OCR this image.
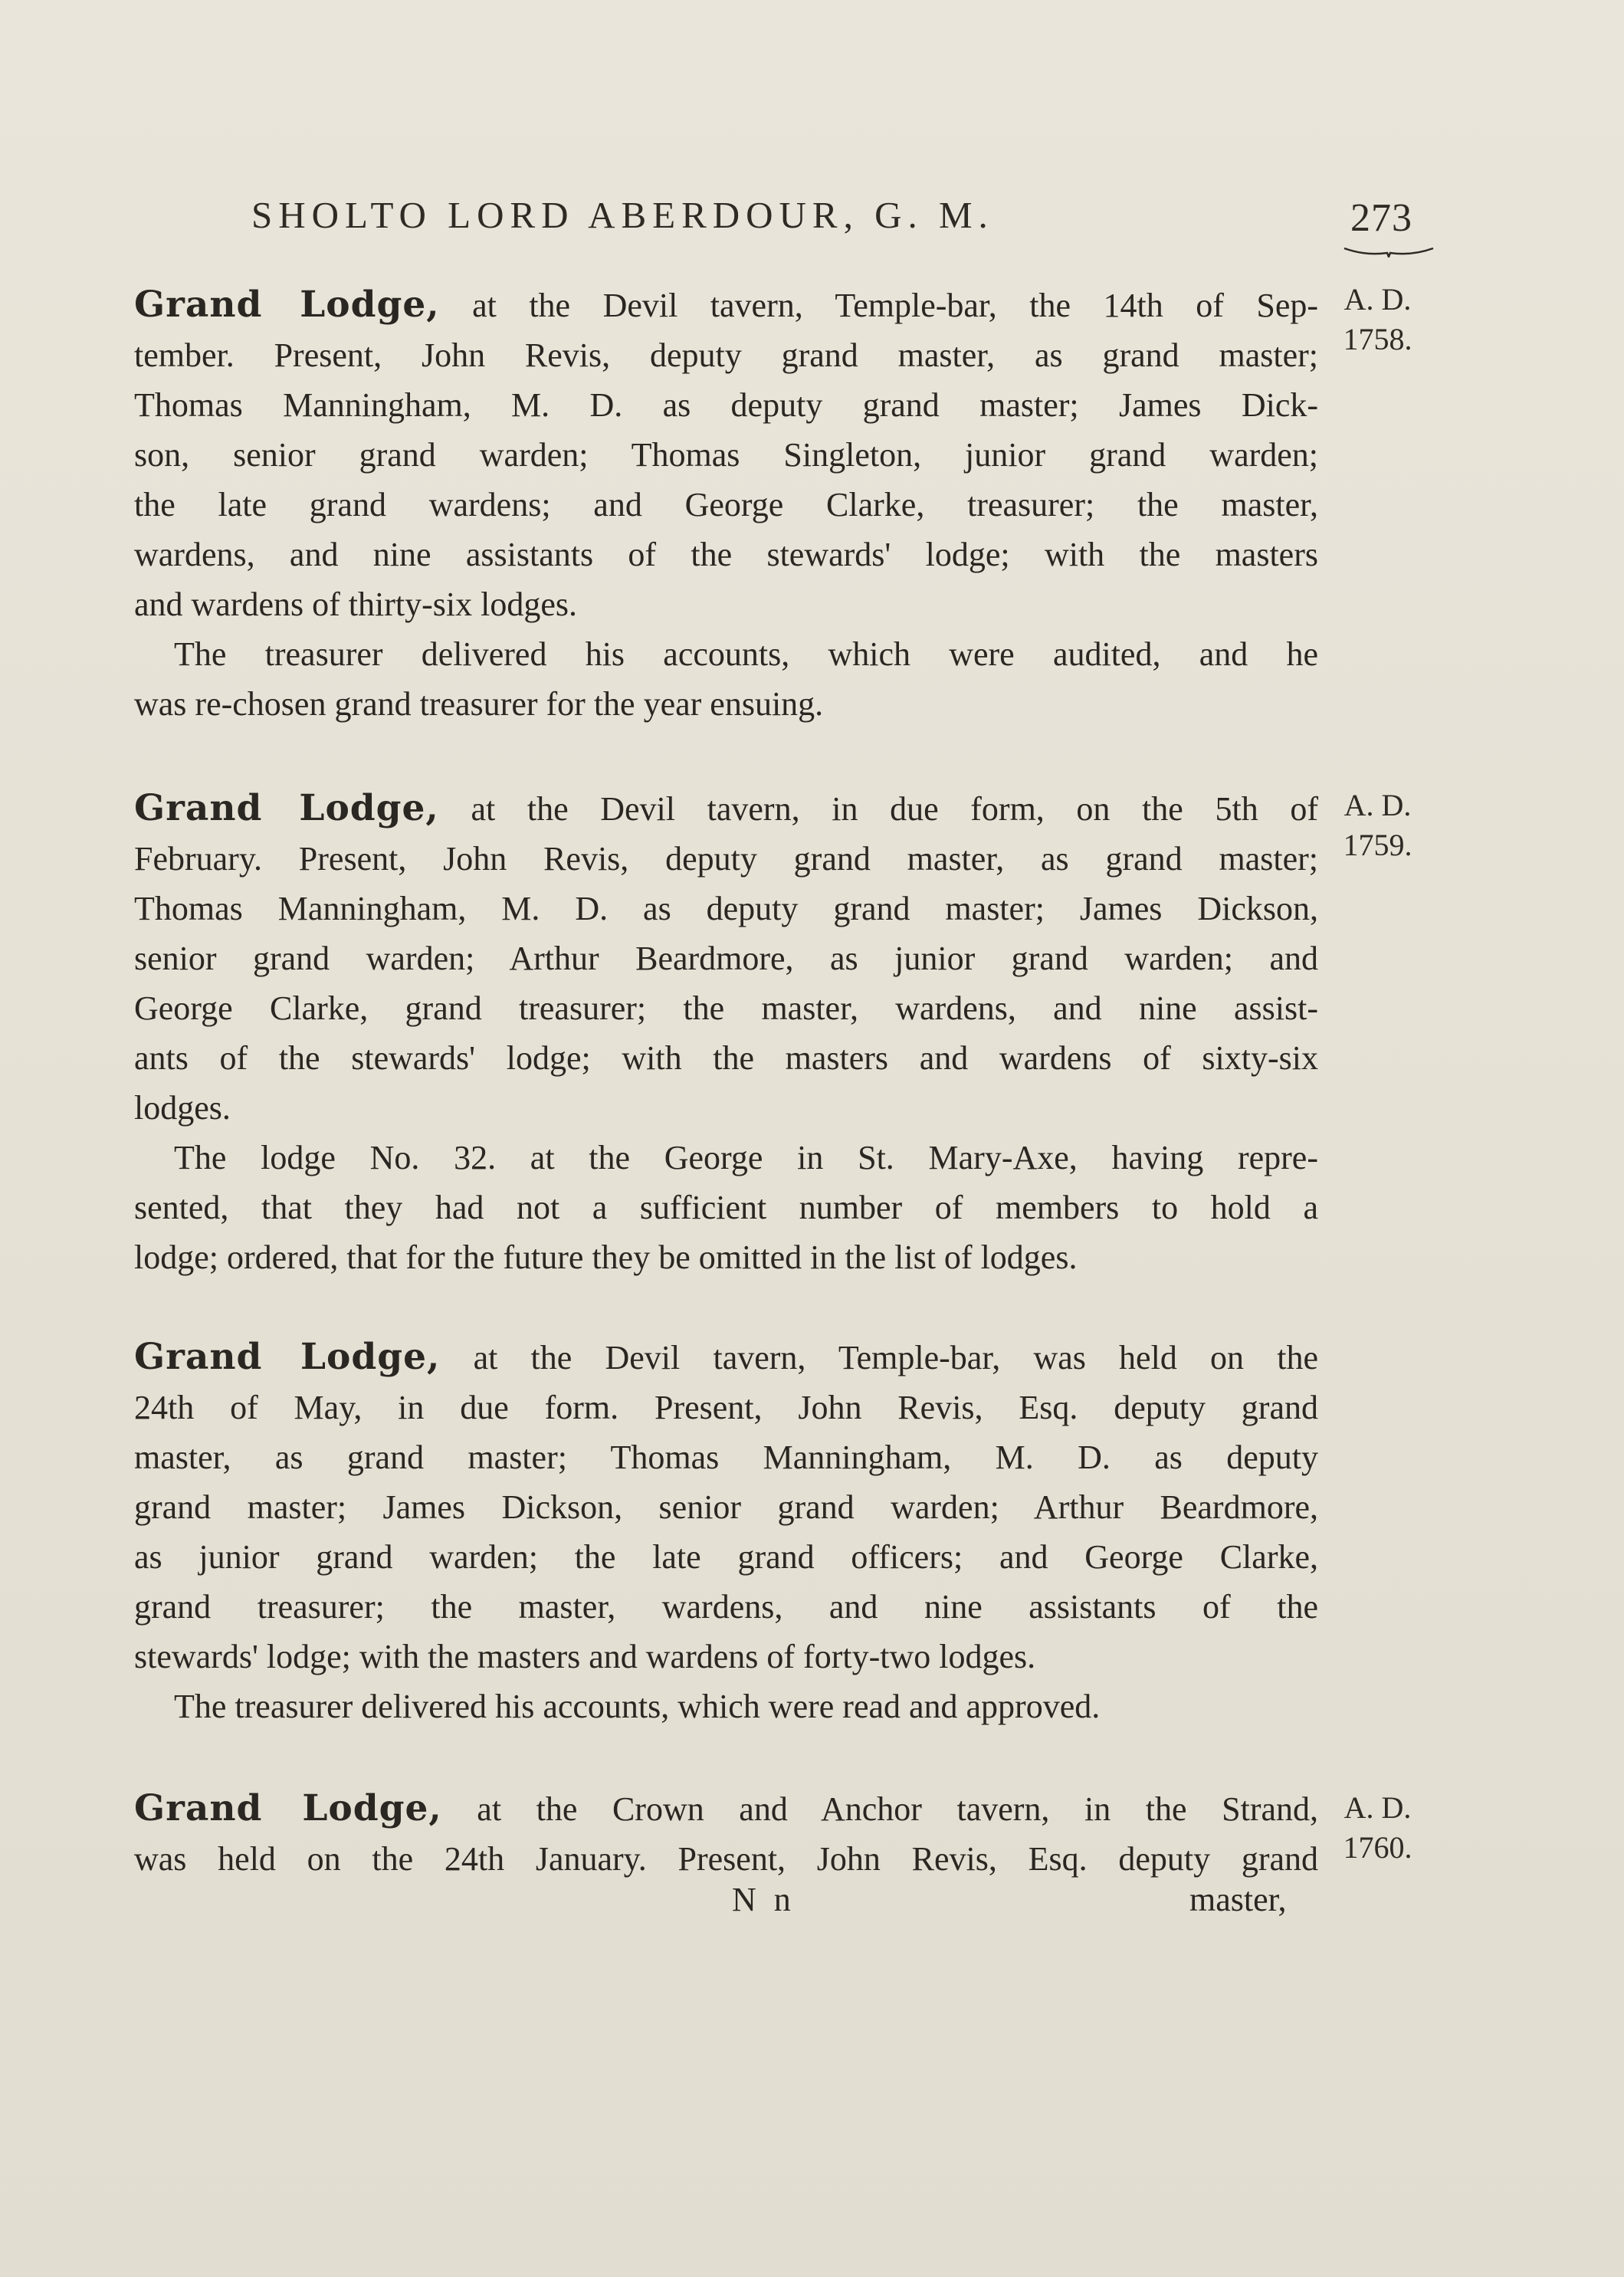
SHOLTO LORD ABERDOUR, G. M.	273

Grand Lodge, at the Devil tavern, Temple-bar, the 14th of Sep-

tember. Present, John Revis, deputy grand master, as grand master;

Thomas Manningham, M. D. as deputy grand master; James Dick-

son, senior grand warden; Thomas Singleton, junior grand warden;

the late grand wardens; and George Clarke, treasurer; the master,

wardens, and nine assistants of the stewards' lodge; with the masters

and wardens of thirty-six lodges.

The treasurer delivered his accounts, which were audited, and he

was re-chosen grand treasurer for the year ensuing.

A. D.
1758.

Grand Lodge, at the Devil tavern, in due form, on the 5th of

February. Present, John Revis, deputy grand master, as grand master;

Thomas Manningham, M. D. as deputy grand master; James Dickson,

senior grand warden; Arthur Beardmore, as junior grand warden; and

George Clarke, grand treasurer; the master, wardens, and nine assist-

ants of the stewards' lodge; with the masters and wardens of sixty-six

lodges.

The lodge No. 32. at the George in St. Mary-Axe, having repre-

sented, that they had not a sufficient number of members to hold a

lodge; ordered, that for the future they be omitted in the list of lodges.

A. D.
1759.

Grand Lodge, at the Devil tavern, Temple-bar, was held on the

24th of May, in due form. Present, John Revis, Esq. deputy grand

master, as grand master; Thomas Manningham, M. D. as deputy

grand master; James Dickson, senior grand warden; Arthur Beardmore,

as junior grand warden; the late grand officers; and George Clarke,

grand treasurer; the master, wardens, and nine assistants of the

stewards' lodge; with the masters and wardens of forty-two lodges.

The treasurer delivered his accounts, which were read and approved.

Grand Lodge, at the Crown and Anchor tavern, in the Strand,

was held on the 24th January. Present, John Revis, Esq. deputy grand

A. D.
1760.
N n	master,
